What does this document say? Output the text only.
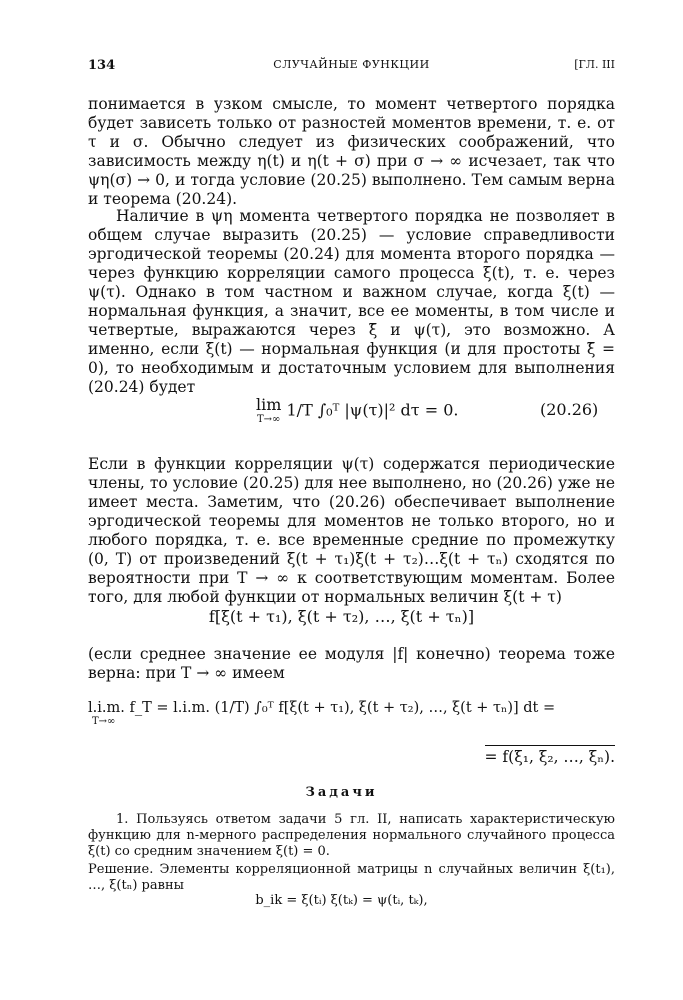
134	СЛУЧАЙНЫЕ ФУНКЦИИ	[ГЛ. III
понимается в узком смысле, то момент четвертого порядка будет зависеть только от разностей моментов времени, т. е. от τ и σ. Обычно следует из физических соображений, что зависимость между η(t) и η(t + σ) при σ → ∞ исчезает, так что ψη(σ) → 0, и тогда условие (20.25) выполнено. Тем самым верна и теорема (20.24).
Наличие в ψη момента четвертого порядка не позволяет в общем случае выразить (20.25) — условие справедливости эргодической теоремы (20.24) для момента второго порядка — через функцию корреляции самого процесса ξ(t), т. е. через ψ(τ). Однако в том частном и важном случае, когда ξ(t) — нормальная функция, а значит, все ее моменты, в том числе и четвертые, выражаются через ξ̄ и ψ(τ), это возможно. А именно, если ξ(t) — нормальная функция (и для простоты ξ̄ = 0), то необходимым и достаточным условием для выполнения (20.24) будет
lim
T→∞ 1/T ∫₀ᵀ |ψ(τ)|² dτ = 0.	(20.26)
Если в функции корреляции ψ(τ) содержатся периодические члены, то условие (20.25) для нее выполнено, но (20.26) уже не имеет места. Заметим, что (20.26) обеспечивает выполнение эргодической теоремы для моментов не только второго, но и любого порядка, т. е. все временные средние по промежутку (0, T) от произведений ξ(t + τ₁)ξ(t + τ₂)…ξ(t + τₙ) сходятся по вероятности при T → ∞ к соответствующим моментам. Более того, для любой функции от нормальных величин ξ(t + τ)
f[ξ(t + τ₁), ξ(t + τ₂), …, ξ(t + τₙ)]
(если среднее значение ее модуля |f| конечно) теорема тоже верна: при T → ∞ имеем
l.i.m. f_T = l.i.m. (1/T) ∫₀ᵀ f[ξ(t + τ₁), ξ(t + τ₂), …, ξ(t + τₙ)] dt =
T→∞
= f(ξ₁, ξ₂, …, ξₙ).
Задачи
1. Пользуясь ответом задачи 5 гл. II, написать характеристическую функцию для n-мерного распределения нормального случайного процесса ξ(t) со средним значением ξ(t) = 0.
Решение. Элементы корреляционной матрицы n случайных величин ξ(t₁), …, ξ(tₙ) равны
b_ik = ξ(tᵢ) ξ(tₖ) = ψ(tᵢ, tₖ),
